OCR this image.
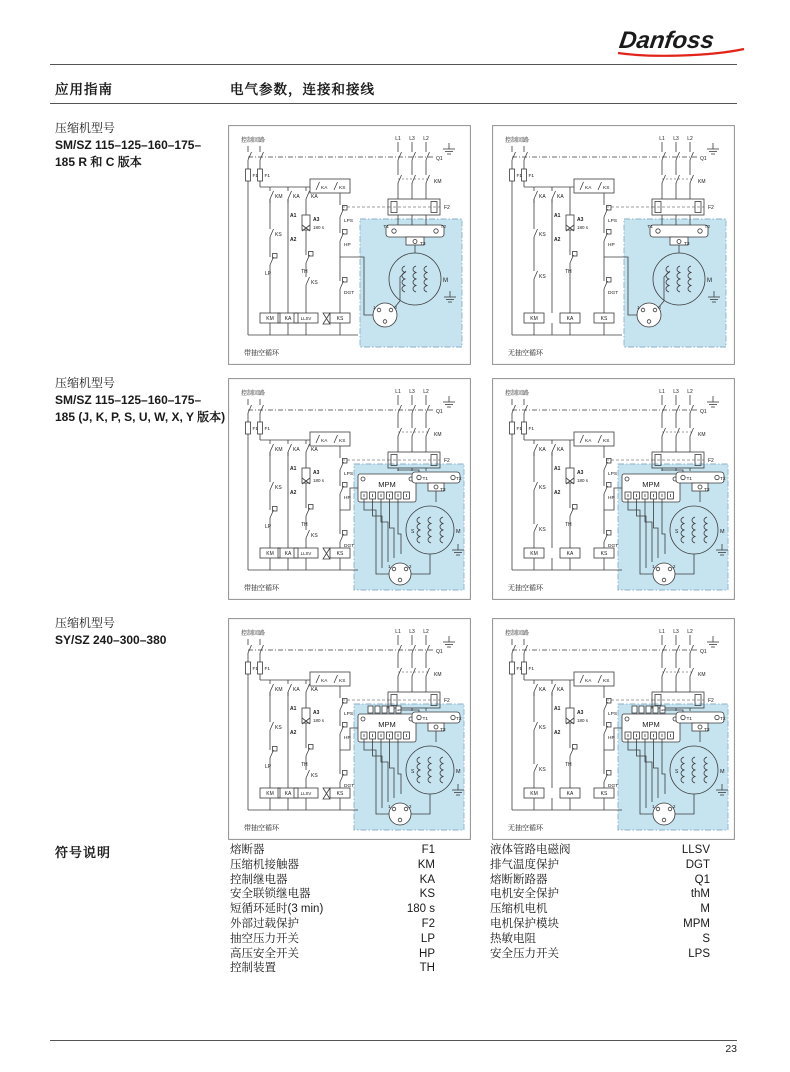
Danfoss
应用指南	电气参数，连接和接线
压缩机型号
SM/SZ 115–125–160–175–
185 R 和 C 版本
压缩机型号
SM/SZ 115–125–160–175–
185 (J, K, P, S, U, W, X, Y 版本)
压缩机型号
SY/SZ 240–300–380
控制回路
F1 F1
L1 L3 L2
Q1
KM
F2
T1	T2
T3
M
1	2
KM KA KA
KA KS
LPS
HP
DGT
KS
LP
KM KA
A1
A3
180 s
A2
TH
KS
LLSV	KS
带抽空循环
控制回路
F1 F1
L1 L3 L2
Q1
KM
F2
T1	T2
T3
M
1	2
KA KA
KA KS
LPS
HP
DGT
KS
KS
KM
A1
A3
180 s
A2
TH
KA	KS
无抽空循环
控制回路
F1 F1
L1 L3 L2
Q1
KM
F2
MPM
T1	T2
T3
S	M
1	2
KM KA KA
KA KS
LPS
HP
DGT
KS
LP
KM KA
A1
A3
180 s
A2
TH
KS
LLSV	KS
带抽空循环
控制回路
F1 F1
L1 L3 L2
Q1
KM
F2
MPM
T1	T2
T3
S	M
1	2
KA KA
KA KS
LPS
HP
DGT
KS
KS
KM
A1
A3
180 s
A2
TH
KA	KS
无抽空循环
控制回路
F1 F1
L1 L3 L2
Q1
KM
F2
MPM
T1	T2
T3
S	M
1	2
KM KA KA
KA KS
LPS
HP
DGT
KS
LP
KM KA
A1
A3
180 s
A2
TH
KS
LLSV	KS
带抽空循环
控制回路
F1 F1
L1 L3 L2
Q1
KM
F2
MPM
T1	T2
T3
S	M
1	2
KA KA
KA KS
LPS
HP
DGT
KS
KS
KM
A1
A3
180 s
A2
TH
KA	KS
无抽空循环
符号说明	熔断器	F1
压缩机接触器	KM
控制继电器	KA
安全联锁继电器	KS
短循环延时(3 min)	180 s
外部过载保护	F2
抽空压力开关	LP
高压安全开关	HP
控制装置	TH
液体管路电磁阀	LLSV
排气温度保护	DGT
熔断断路器	Q1
电机安全保护	thM
压缩机电机	M
电机保护模块	MPM
热敏电阻	S
安全压力开关	LPS
23
